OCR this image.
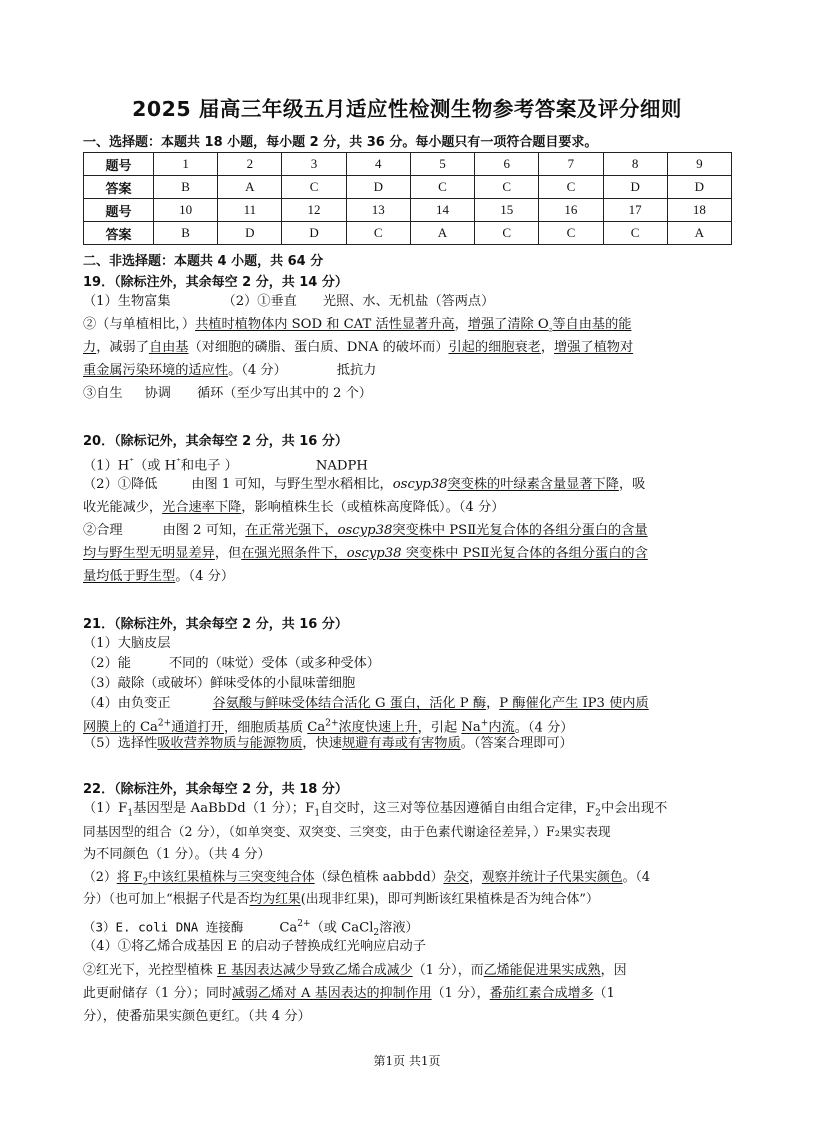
2025 届高三年级五月适应性检测生物参考答案及评分细则
一、选择题：本题共 18 小题，每小题 2 分，共 36 分。每小题只有一项符合题目要求。
题号	1	2	3	4	5	6	7	8	9
答案	B	A	C	D	C	C	C	D	D
题号	10	11	12	13	14	15	16	17	18
答案	B	D	D	C	A	C	C	C	A
二、非选择题：本题共 4 小题，共 64 分
19．（除标注外，其余每空 2 分，共 14 分）
（1）生物富集	（2）①垂直 光照、水、无机盐（答两点）
②（与单植相比，）共植时植物体内 SOD 和 CAT 活性显著升高，增强了清除 $O_{_2}$等自由基的能
力，减弱了自由基（对细胞的磷脂、蛋白质、DNA 的破坏而）引起的细胞衰老，增强了植物对
重金属污染环境的适应性。（4 分）	抵抗力
③自生 协调 循环（至少写出其中的 2 个）
20．（除标记外，其余每空 2 分，共 16 分）
（1）H⁺（或 H⁺和电子 ）	NADPH
（2）①降低	由图 1 可知，与野生型水稻相比，oscyp38突变株的叶绿素含量显著下降，吸
收光能减少，光合速率下降，影响植株生长（或植株高度降低）。（4 分）
②合理	由图 2 可知，在正常光强下，oscyp38突变株中 PSⅡ光复合体的各组分蛋白的含量
均与野生型无明显差异，但在强光照条件下，oscyp38 突变株中 PSⅡ光复合体的各组分蛋白的含
量均低于野生型。（4 分）
21．（除标注外，其余每空 2 分，共 16 分）
（1）大脑皮层
（2）能	不同的（味觉）受体（或多种受体）
（3）敲除（或破坏）鲜味受体的小鼠味蕾细胞
（4）由负变正	谷氨酸与鲜味受体结合活化 G 蛋白，活化 P 酶，P 酶催化产生 IP3 使内质
网膜上的 $Ca^{2+}$通道打开，细胞质基质 $Ca^{2+}$浓度快速上升，引起 Na+内流。（4 分）
（5）选择性吸收营养物质与能源物质，快速规避有毒或有害物质。（答案合理即可）
22．（除标注外，其余每空 2 分，共 18 分）
$(1)F_1$基因型是 AaBbDd（1 分）；$F_1$自交时，这三对等位基因遵循自由组合定律，$F_2$中会出现不
同基因型的组合（2 分），（如单突变、双突变、三突变，由于色素代谢途径差异，）F₂果实表现
为不同颜色（1 分）。（共 4 分）
（2）将 $F_2$中该红果植株与三突变纯合体（绿色植株 aabbdd）杂交，观察并统计子代果实颜色。（4
分）（也可加上“根据子代是否均为红果(出现非红果)，即可判断该红果植株是否为纯合体”）
（3）E. coli DNA 连接酶	$Ca^{2+}$（或 CaCl$_2$溶液）
（4）①将乙烯合成基因 E 的启动子替换成红光响应启动子
②红光下，光控型植株 E 基因表达减少导致乙烯合成减少（1 分），而乙烯能促进果实成熟，因
此更耐储存（1 分）；同时减弱乙烯对 A 基因表达的抑制作用（1 分），番茄红素合成增多（1
分），使番茄果实颜色更红。（共 4 分）
第1页 共1页
